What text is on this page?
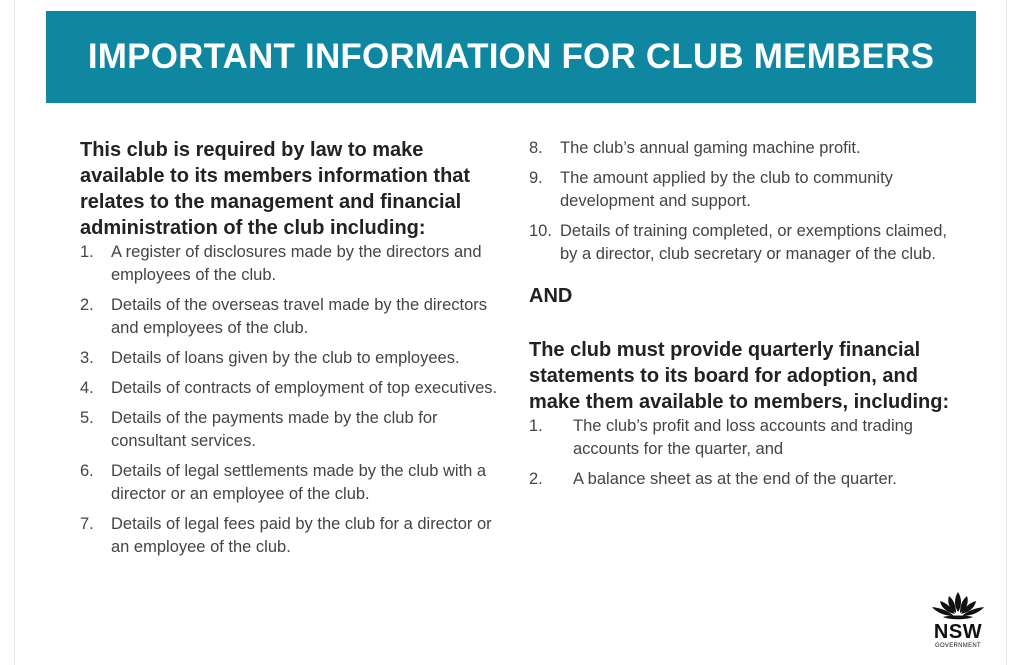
IMPORTANT INFORMATION FOR CLUB MEMBERS

This club is required by law to make available to its members information that relates to the management and financial administration of the club including:

1. A register of disclosures made by the directors and employees of the club.
2. Details of the overseas travel made by the directors and employees of the club.
3. Details of loans given by the club to employees.
4. Details of contracts of employment of top executives.
5. Details of the payments made by the club for consultant services.
6. Details of legal settlements made by the club with a director or an employee of the club.
7. Details of legal fees paid by the club for a director or an employee of the club.
8. The club’s annual gaming machine profit.
9. The amount applied by the club to community development and support.
10. Details of training completed, or exemptions claimed, by a director, club secretary or manager of the club.

AND

The club must provide quarterly financial statements to its board for adoption, and make them available to members, including:

1. The club’s profit and loss accounts and trading accounts for the quarter, and
2. A balance sheet as at the end of the quarter.
NSW
GOVERNMENT
